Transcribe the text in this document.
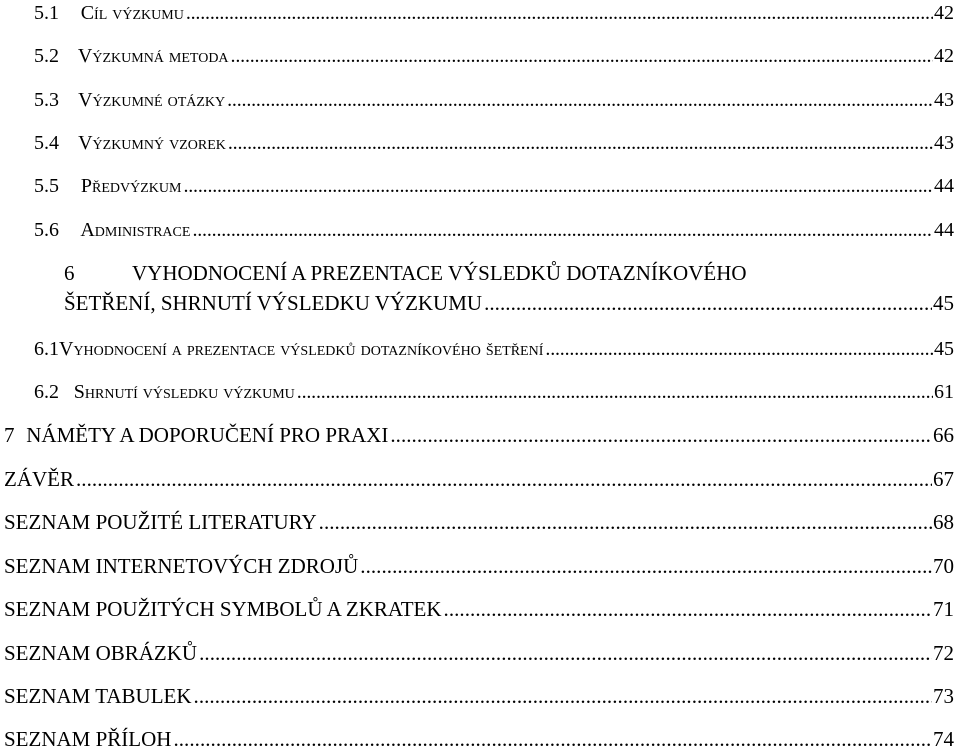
5.1	Cíl výzkumu . . .	42
5.2 Výzkumná metoda . . .	42
5.3 Výzkumné otázky . . .	43
5.4 Výzkumný vzorek . . .	43
5.5	Předvýzkum . . .	44
5.6	Administrace . . .	44
6	VYHODNOCENÍ A PREZENTACE VÝSLEDKŮ DOTAZNÍKOVÉHO
ŠETŘENÍ, SHRNUTÍ VÝSLEDKU VÝZKUMU . . .	45
6.1 Vyhodnocení a prezentace výsledků dotazníkového šetření . . .	45
6.2 Shrnutí výsledku výzkumu . . .	61
7 NÁMĚTY A DOPORUČENÍ PRO PRAXI . . .	66
ZÁVĚR . . .	67
SEZNAM POUŽITÉ LITERATURY . . .	68
SEZNAM INTERNETOVÝCH ZDROJŮ . . .	70
SEZNAM POUŽITÝCH SYMBOLŮ A ZKRATEK . . .	71
SEZNAM OBRÁZKŮ . . .	72
SEZNAM TABULEK . . .	73
SEZNAM PŘÍLOH . . .	74
